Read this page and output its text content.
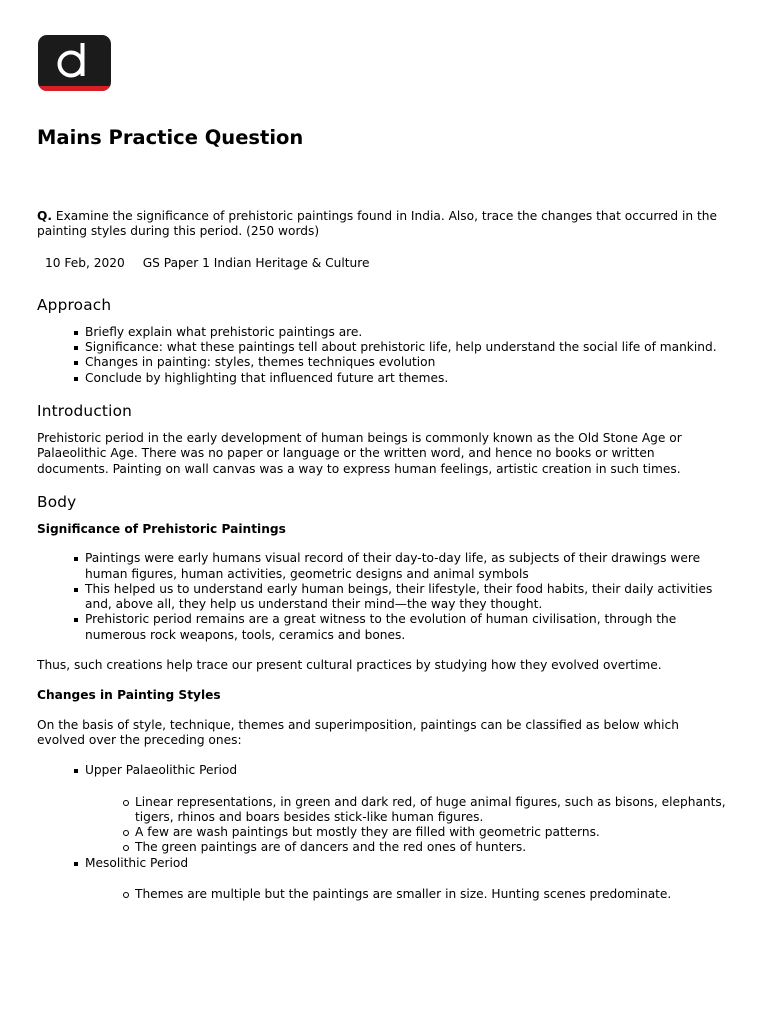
Mains Practice Question

Q. Examine the significance of prehistoric paintings found in India. Also, trace the changes that occurred in the painting styles during this period. (250 words)

10 Feb, 2020 GS Paper 1 Indian Heritage & Culture
Approach
Briefly explain what prehistoric paintings are.
Significance: what these paintings tell about prehistoric life, help understand the social life of mankind.
Changes in painting: styles, themes techniques evolution
Conclude by highlighting that influenced future art themes.
Introduction

Prehistoric period in the early development of human beings is commonly known as the Old Stone Age or Palaeolithic Age. There was no paper or language or the written word, and hence no books or written documents. Painting on wall canvas was a way to express human feelings, artistic creation in such times.

Body
Significance of Prehistoric Paintings
Paintings were early humans visual record of their day-to-day life, as subjects of their drawings were human figures, human activities, geometric designs and animal symbols
This helped us to understand early human beings, their lifestyle, their food habits, their daily activities and, above all, they help us understand their mind—the way they thought.
Prehistoric period remains are a great witness to the evolution of human civilisation, through the numerous rock weapons, tools, ceramics and bones.

Thus, such creations help trace our present cultural practices by studying how they evolved overtime.

Changes in Painting Styles

On the basis of style, technique, themes and superimposition, paintings can be classified as below which evolved over the preceding ones:

Upper Palaeolithic Period
Linear representations, in green and dark red, of huge animal figures, such as bisons, elephants, tigers, rhinos and boars besides stick-like human figures.
A few are wash paintings but mostly they are filled with geometric patterns.
The green paintings are of dancers and the red ones of hunters.
Mesolithic Period
Themes are multiple but the paintings are smaller in size. Hunting scenes predominate.
